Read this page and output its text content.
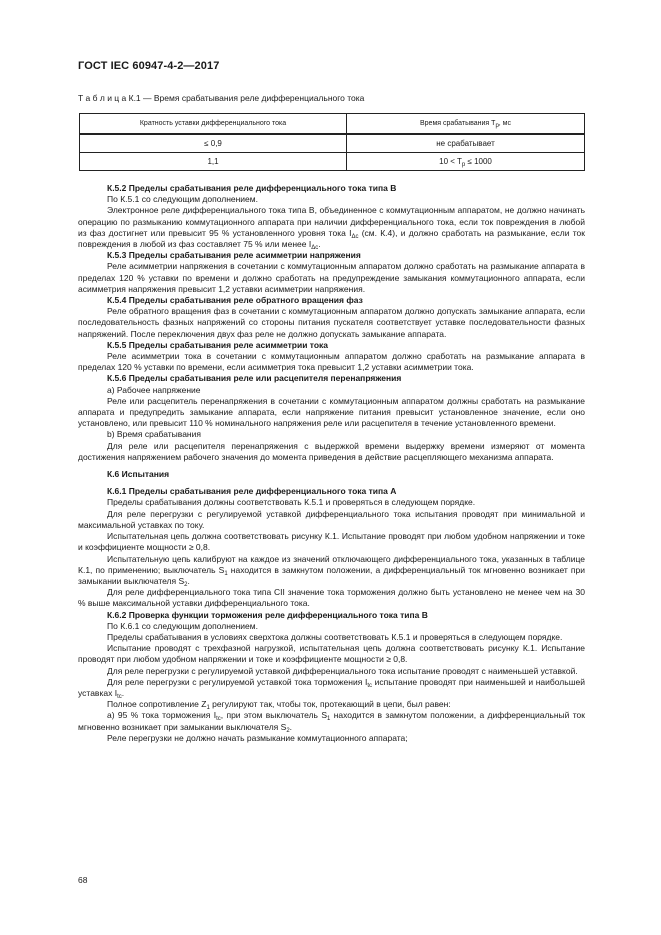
ГОСТ IEC 60947-4-2—2017
Т а б л и ц а К.1 — Время срабатывания реле дифференциального тока
Кратность уставки дифференциального тока	Время срабатывания $T_p$, мс
≤ 0,9	не срабатывает
1,1	$10 < T_p \le 1000$

К.5.2 Пределы срабатывания реле дифференциального тока типа В

По К.5.1 со следующим дополнением.

Электронное реле дифференциального тока типа В, объединенное с коммутационным аппаратом, не должно начинать операцию по размыканию коммутационного аппарата при наличии дифференциального тока, если ток повреждения в любой из фаз достигнет или превысит 95 % установленного уровня тока $I_{\Delta c}$ (см. К.4), и должно сработать на размыкание, если ток повреждения в любой из фаз составляет 75 % или менее $I_{\Delta c}$.

К.5.3 Пределы срабатывания реле асимметрии напряжения

Реле асимметрии напряжения в сочетании с коммутационным аппаратом должно сработать на размыкание аппарата в пределах 120 % уставки по времени и должно сработать на предупреждение замыкания коммутационного аппарата, если асимметрия напряжения превысит 1,2 уставки асимметрии напряжения.

К.5.4 Пределы срабатывания реле обратного вращения фаз

Реле обратного вращения фаз в сочетании с коммутационным аппаратом должно допускать замыкание аппарата, если последовательность фазных напряжений со стороны питания пускателя соответствует уставке последовательности фазных напряжений. После переключения двух фаз реле не должно допускать замыкание аппарата.

К.5.5 Пределы срабатывания реле асимметрии тока

Реле асимметрии тока в сочетании с коммутационным аппаратом должно сработать на размыкание аппарата в пределах 120 % уставки по времени, если асимметрия тока превысит 1,2 уставки асимметрии тока.

К.5.6 Пределы срабатывания реле или расцепителя перенапряжения

а) Рабочее напряжение

Реле или расцепитель перенапряжения в сочетании с коммутационным аппаратом должны сработать на размыкание аппарата и предупредить замыкание аппарата, если напряжение питания превысит установленное значение, если оно установлено, или превысит 110 % номинального напряжения реле или расцепителя в течение установленного времени.

b) Время срабатывания

Для реле или расцепителя перенапряжения с выдержкой времени выдержку времени измеряют от момента достижения напряжением рабочего значения до момента приведения в действие расцепляющего механизма аппарата.

К.6 Испытания

К.6.1 Пределы срабатывания реле дифференциального тока типа А

Пределы срабатывания должны соответствовать К.5.1 и проверяться в следующем порядке.

Для реле перегрузки с регулируемой уставкой дифференциального тока испытания проводят при минимальной и максимальной уставках по току.

Испытательная цепь должна соответствовать рисунку К.1. Испытание проводят при любом удобном напряжении и токе и коэффициенте мощности ≥ 0,8.

Испытательную цепь калибруют на каждое из значений отключающего дифференциального тока, указанных в таблице К.1, по применению; выключатель $S_1$ находится в замкнутом положении, а дифференциальный ток мгновенно возникает при замыкании выключателя $S_2$.

Для реле дифференциального тока типа СII значение тока торможения должно быть установлено не менее чем на 30 % выше максимальной уставки дифференциального тока.

К.6.2 Проверка функции торможения реле дифференциального тока типа В

По К.6.1 со следующим дополнением.

Пределы срабатывания в условиях сверхтока должны соответствовать К.5.1 и проверяться в следующем порядке.

Испытание проводят с трехфазной нагрузкой, испытательная цепь должна соответствовать рисунку К.1. Испытание проводят при любом удобном напряжении и токе и коэффициенте мощности ≥ 0,8.

Для реле перегрузки с регулируемой уставкой дифференциального тока испытание проводят с наименьшей уставкой.

Для реле перегрузки с регулируемой уставкой тока торможения $I_{tc}$ испытание проводят при наименьшей и наибольшей уставках $I_{tc}$.

Полное сопротивление $Z_1$ регулируют так, чтобы ток, протекающий в цепи, был равен:

а) 95 % тока торможения $I_{tc}$, при этом выключатель $S_1$ находится в замкнутом положении, а дифференциальный ток мгновенно возникает при замыкании выключателя $S_2$.

Реле перегрузки не должно начать размыкание коммутационного аппарата;

68
